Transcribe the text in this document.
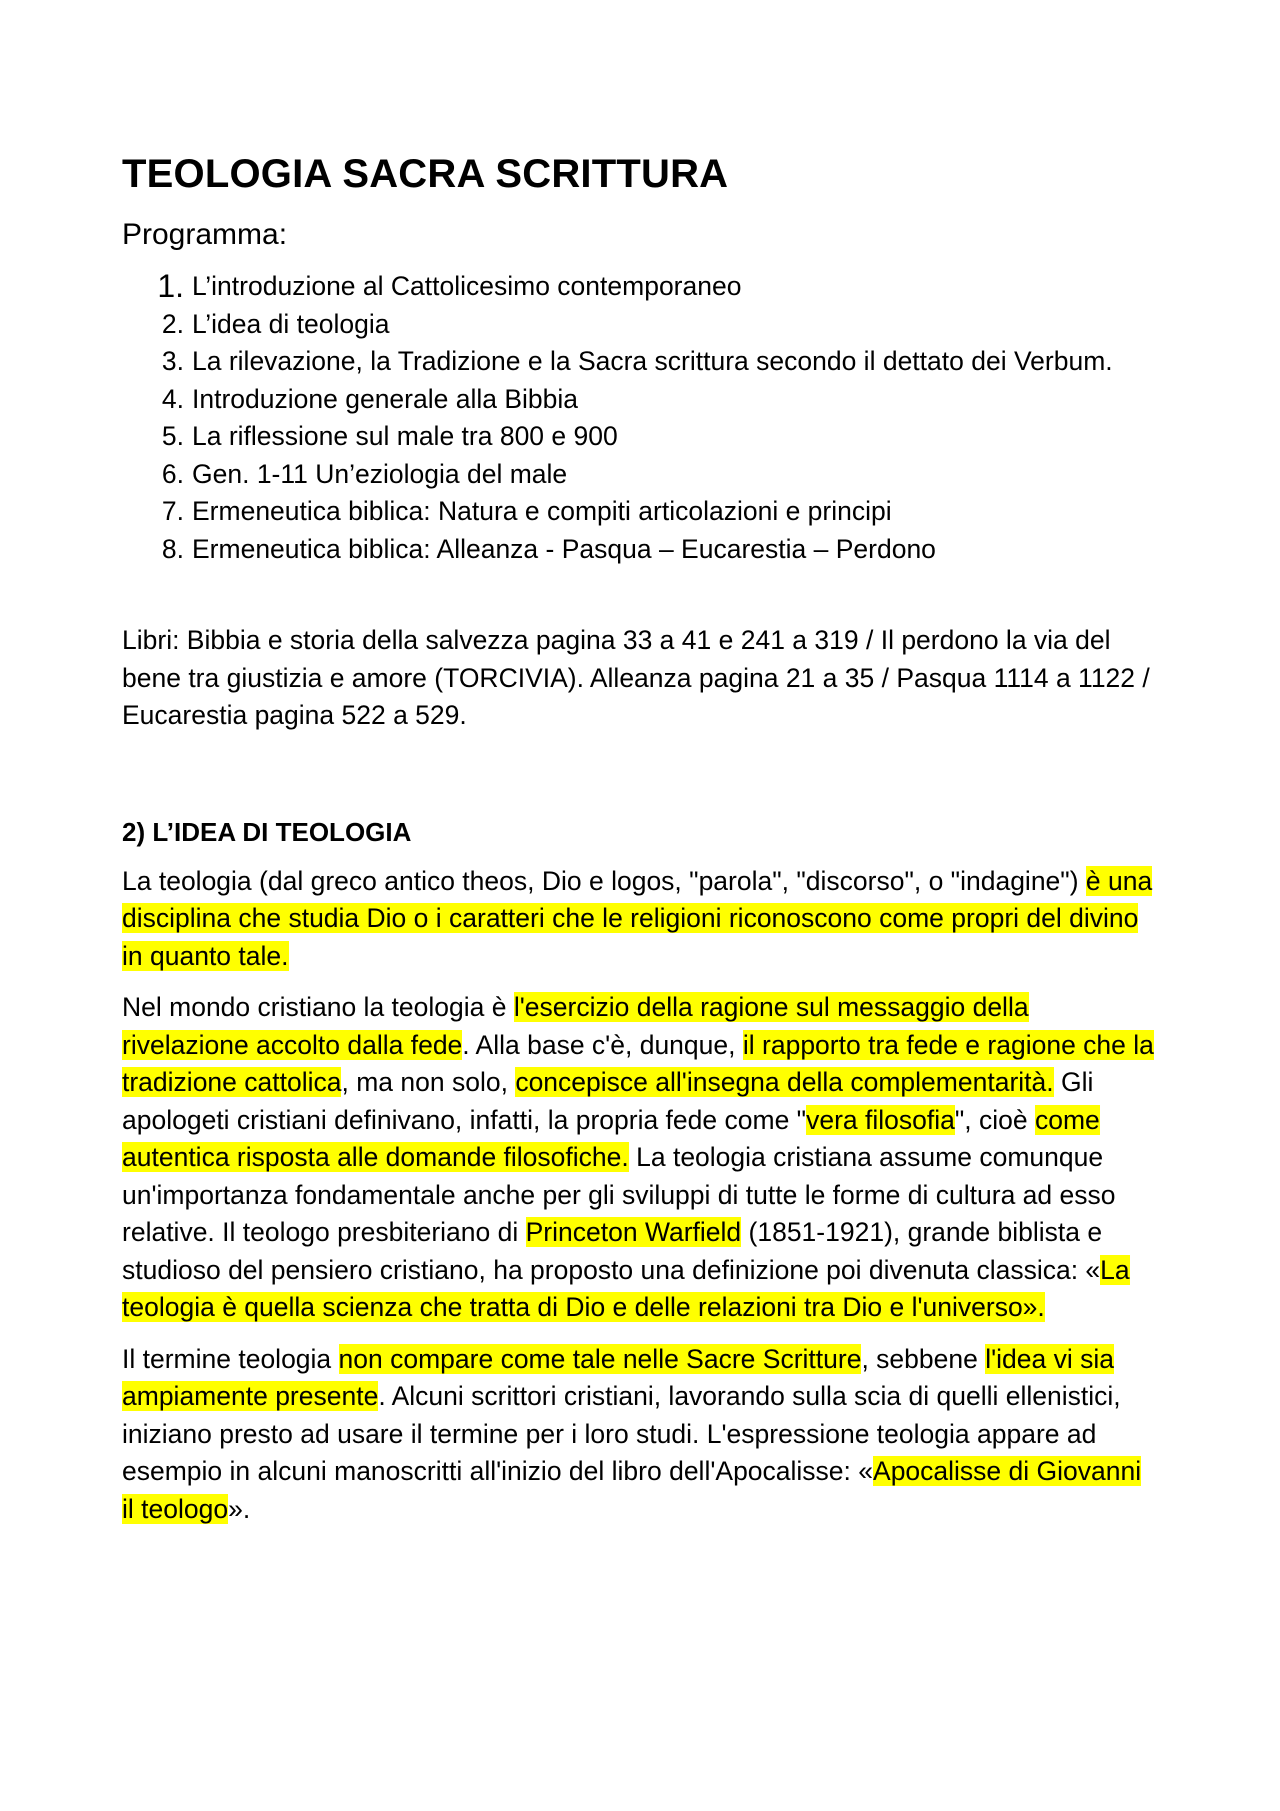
TEOLOGIA SACRA SCRITTURA
Programma:
1. L’introduzione al Cattolicesimo contemporaneo
2. L’idea di teologia
3. La rilevazione, la Tradizione e la Sacra scrittura secondo il dettato dei Verbum.
4. Introduzione generale alla Bibbia
5. La riflessione sul male tra 800 e 900
6. Gen. 1-11 Un’eziologia del male
7. Ermeneutica biblica: Natura e compiti articolazioni e principi
8. Ermeneutica biblica: Alleanza - Pasqua – Eucarestia – Perdono

Libri: Bibbia e storia della salvezza pagina 33 a 41 e 241 a 319 / Il perdono la via del bene tra giustizia e amore (TORCIVIA). Alleanza pagina 21 a 35 / Pasqua 1114 a 1122 / Eucarestia pagina 522 a 529.

2) L’IDEA DI TEOLOGIA

La teologia (dal greco antico theos, Dio e logos, "parola", "discorso", o "indagine") è una disciplina che studia Dio o i caratteri che le religioni riconoscono come propri del divino in quanto tale.

Nel mondo cristiano la teologia è l'esercizio della ragione sul messaggio della rivelazione accolto dalla fede. Alla base c'è, dunque, il rapporto tra fede e ragione che la tradizione cattolica, ma non solo, concepisce all'insegna della complementarità. Gli apologeti cristiani definivano, infatti, la propria fede come "vera filosofia", cioè come autentica risposta alle domande filosofiche. La teologia cristiana assume comunque un'importanza fondamentale anche per gli sviluppi di tutte le forme di cultura ad esso relative. Il teologo presbiteriano di Princeton Warfield (1851-1921), grande biblista e studioso del pensiero cristiano, ha proposto una definizione poi divenuta classica: «La teologia è quella scienza che tratta di Dio e delle relazioni tra Dio e l'universo».

Il termine teologia non compare come tale nelle Sacre Scritture, sebbene l'idea vi sia ampiamente presente. Alcuni scrittori cristiani, lavorando sulla scia di quelli ellenistici, iniziano presto ad usare il termine per i loro studi. L'espressione teologia appare ad esempio in alcuni manoscritti all'inizio del libro dell'Apocalisse: «Apocalisse di Giovanni il teologo».
